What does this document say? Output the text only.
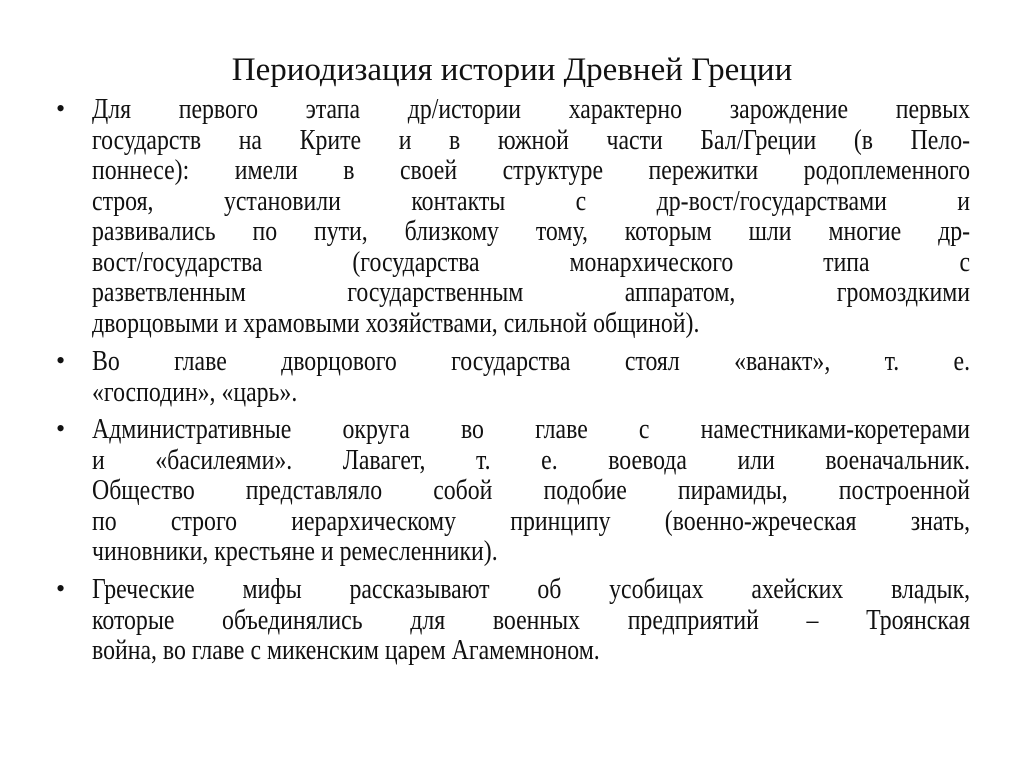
Периодизация истории Древней Греции
• Для первого этапа др/истории характерно зарождение первых
государств на Крите и в южной части Бал/Греции (в Пело-
поннесе): имели в своей структуре пережитки родоплеменного
строя, установили контакты с др-вост/государствами и
развивались по пути, близкому тому, которым шли многие др-
вост/государства (государства монархического типа с
разветвленным государственным аппаратом, громоздкими
дворцовыми и храмовыми хозяйствами, сильной общиной).
• Во главе дворцового государства стоял «ванакт», т. е.
«господин», «царь».
• Административные округа во главе с наместниками-коретерами
и «басилеями». Лавагет, т. е. воевода или военачальник.
Общество представляло собой подобие пирамиды, построенной
по строго иерархическому принципу (военно-жреческая знать,
чиновники, крестьяне и ремесленники).
• Греческие мифы рассказывают об усобицах ахейских владык,
которые объединялись для военных предприятий – Троянская
война, во главе с микенским царем Агамемноном.
